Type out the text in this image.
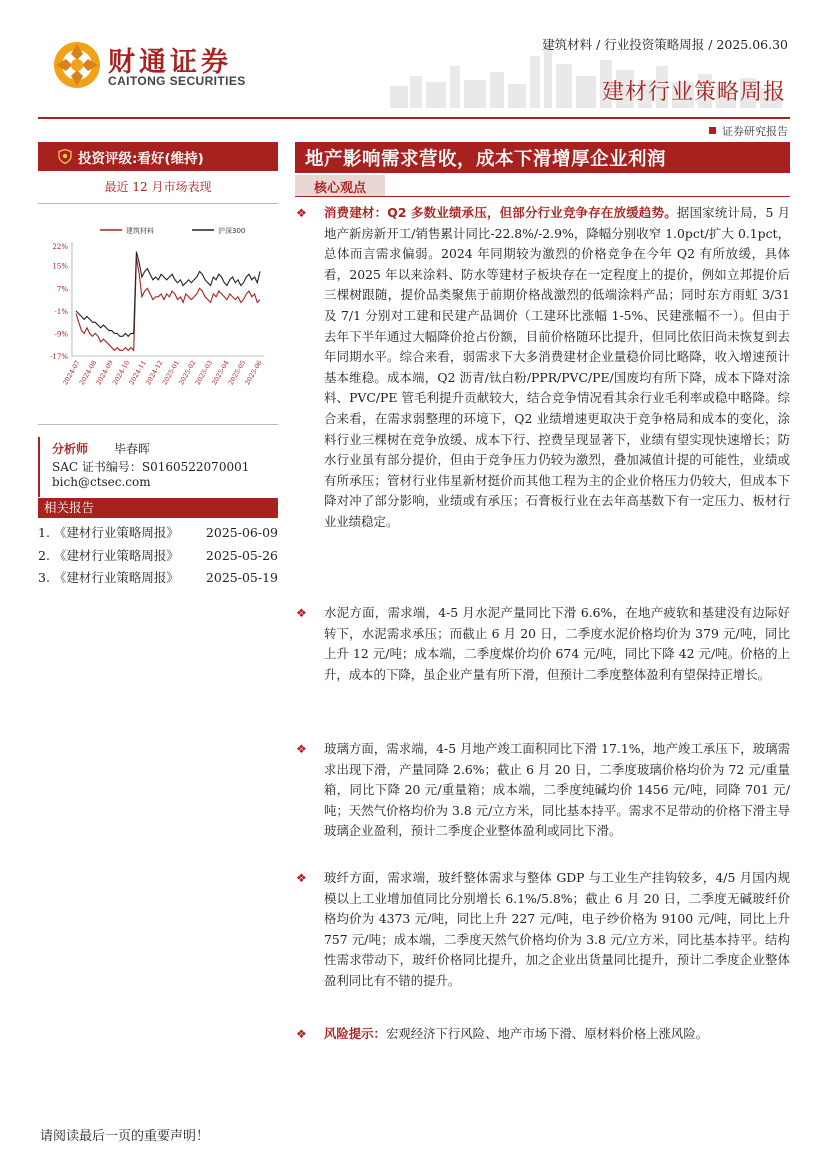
财通证券
CAITONG SECURITIES
建筑材料 / 行业投资策略周报 / 2025.06.30
建材行业策略周报
证券研究报告
投资评级:看好(维持)
最近 12 月市场表现
建筑材料	沪深300
22%
15%
7%
-1%
-9%
-17%
2024-07
2024-08
2024-09
2024-10
2024-11
2024-12
2025-01
2025-02
2025-03
2025-04
2025-05
2025-06
分析师 毕春晖
SAC 证书编号：S0160522070001
bich@ctsec.com
相关报告
1. 《建材行业策略周报》 2025-06-09
2. 《建材行业策略周报》 2025-05-26
3. 《建材行业策略周报》 2025-05-19
地产影响需求营收，成本下滑增厚企业利润
核心观点
❖ 消费建材：Q2 多数业绩承压，但部分行业竞争存在放缓趋势。据国家统计局，5 月地产新房新开工/销售累计同比-22.8%/-2.9%，降幅分别收窄 1.0pct/扩大 0.1pct，总体而言需求偏弱。2024 年同期较为激烈的价格竞争在今年 Q2 有所放缓，具体看，2025 年以来涂料、防水等建材子板块存在一定程度上的提价，例如立邦提价后三棵树跟随，提价品类聚焦于前期价格战激烈的低端涂料产品；同时东方雨虹 3/31 及 7/1 分别对工建和民建产品调价（工建环比涨幅 1-5%、民建涨幅不一）。但由于去年下半年通过大幅降价抢占份额，目前价格随环比提升，但同比依旧尚未恢复到去年同期水平。综合来看，弱需求下大多消费建材企业量稳价同比略降，收入增速预计基本维稳。成本端，Q2 沥青/钛白粉/PPR/PVC/PE/国废均有所下降，成本下降对涂料、PVC/PE 管毛利提升贡献较大，结合竞争情况看其余行业毛利率或稳中略降。综合来看，在需求弱整理的环境下，Q2 业绩增速更取决于竞争格局和成本的变化，涂料行业三棵树在竞争放缓、成本下行、控费呈现显著下，业绩有望实现快速增长；防水行业虽有部分提价，但由于竞争压力仍较为激烈，叠加减值计提的可能性，业绩或有所承压；管材行业伟星新材挺价而其他工程为主的企业价格压力仍较大，但成本下降对冲了部分影响，业绩或有承压；石膏板行业在去年高基数下有一定压力、板材行业业绩稳定。
❖ 水泥方面，需求端，4-5 月水泥产量同比下滑 6.6%，在地产疲软和基建没有边际好转下，水泥需求承压；而截止 6 月 20 日，二季度水泥价格均价为 379 元/吨，同比上升 12 元/吨；成本端，二季度煤价均价 674 元/吨，同比下降 42 元/吨。价格的上升，成本的下降，虽企业产量有所下滑，但预计二季度整体盈利有望保持正增长。
❖ 玻璃方面，需求端，4-5 月地产竣工面积同比下滑 17.1%，地产竣工承压下，玻璃需求出现下滑，产量同降 2.6%；截止 6 月 20 日，二季度玻璃价格均价为 72 元/重量箱，同比下降 20 元/重量箱；成本端，二季度纯碱均价 1456 元/吨，同降 701 元/吨；天然气价格均价为 3.8 元/立方米，同比基本持平。需求不足带动的价格下滑主导玻璃企业盈利，预计二季度企业整体盈利或同比下滑。
❖ 玻纤方面，需求端，玻纤整体需求与整体 GDP 与工业生产挂钩较多，4/5 月国内规模以上工业增加值同比分别增长 6.1%/5.8%；截止 6 月 20 日，二季度无碱玻纤价格均价为 4373 元/吨，同比上升 227 元/吨，电子纱价格为 9100 元/吨，同比上升 757 元/吨；成本端，二季度天然气价格均价为 3.8 元/立方米，同比基本持平。结构性需求带动下，玻纤价格同比提升，加之企业出货量同比提升，预计二季度企业整体盈利同比有不错的提升。
❖ 风险提示：宏观经济下行风险、地产市场下滑、原材料价格上涨风险。
请阅读最后一页的重要声明！
